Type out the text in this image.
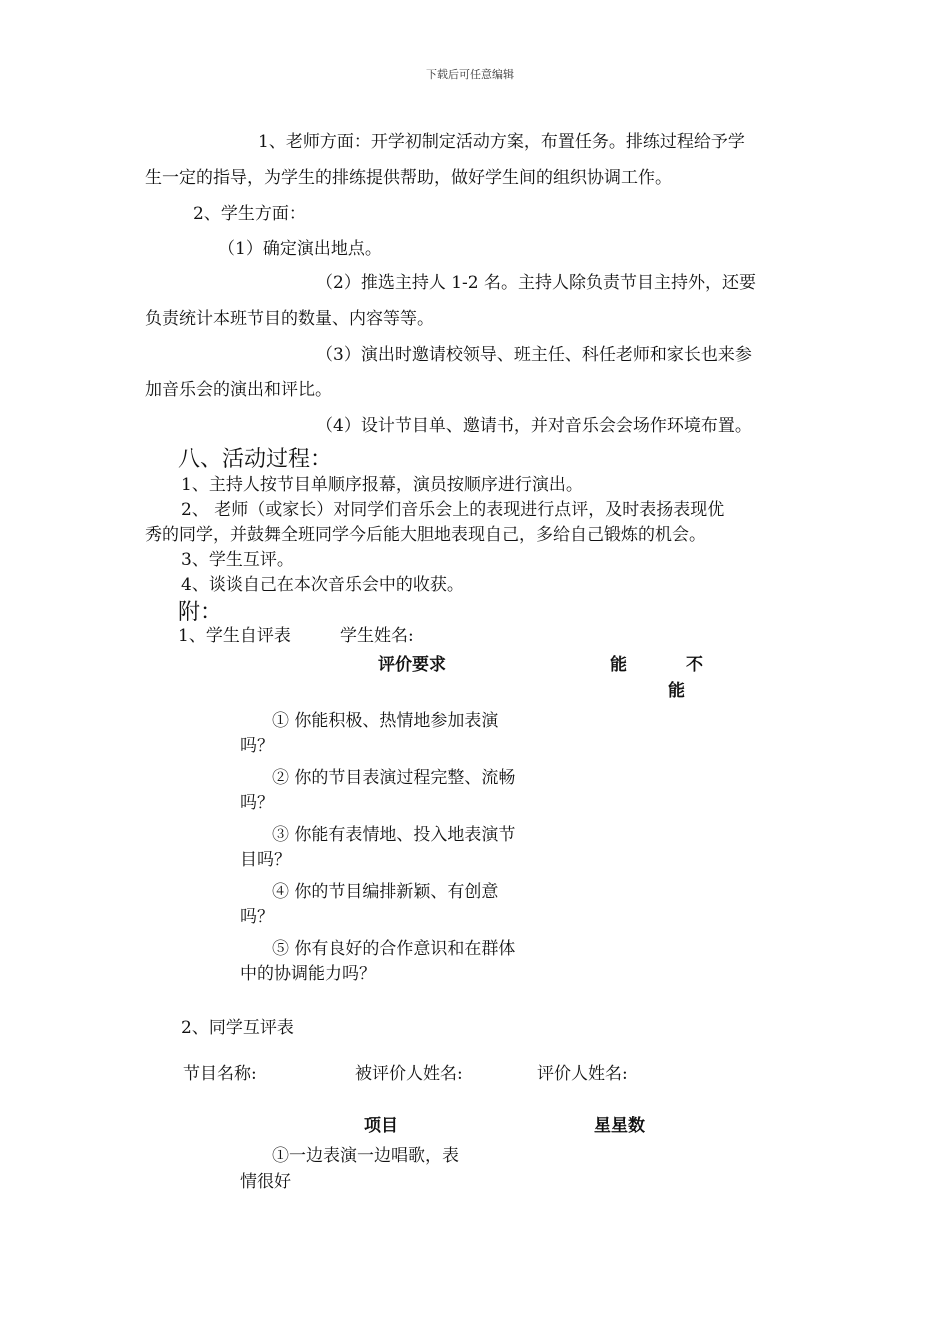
下载后可任意编辑
1、老师方面：开学初制定活动方案，布置任务。排练过程给予学
生一定的指导，为学生的排练提供帮助，做好学生间的组织协调工作。
2、学生方面：
（1）确定演出地点。
（2）推选主持人 1-2 名。主持人除负责节目主持外，还要
负责统计本班节目的数量、内容等等。
（3）演出时邀请校领导、班主任、科任老师和家长也来参
加音乐会的演出和评比。
（4）设计节目单、邀请书，并对音乐会会场作环境布置。
八、活动过程：
1、主持人按节目单顺序报幕，演员按顺序进行演出。
2、 老师（或家长）对同学们音乐会上的表现进行点评，及时表扬表现优
秀的同学，并鼓舞全班同学今后能大胆地表现自己，多给自己锻炼的机会。
3、学生互评。
4、谈谈自己在本次音乐会中的收获。
附：
1、学生自评表	学生姓名:
评价要求	能	不
能
① 你能积极、热情地参加表演
吗？
② 你的节目表演过程完整、流畅
吗？
③ 你能有表情地、投入地表演节
目吗？
④ 你的节目编排新颖、有创意
吗？
⑤ 你有良好的合作意识和在群体
中的协调能力吗？
2、同学互评表
节目名称:	被评价人姓名:	评价人姓名:
项目	星星数
①一边表演一边唱歌，表
情很好
